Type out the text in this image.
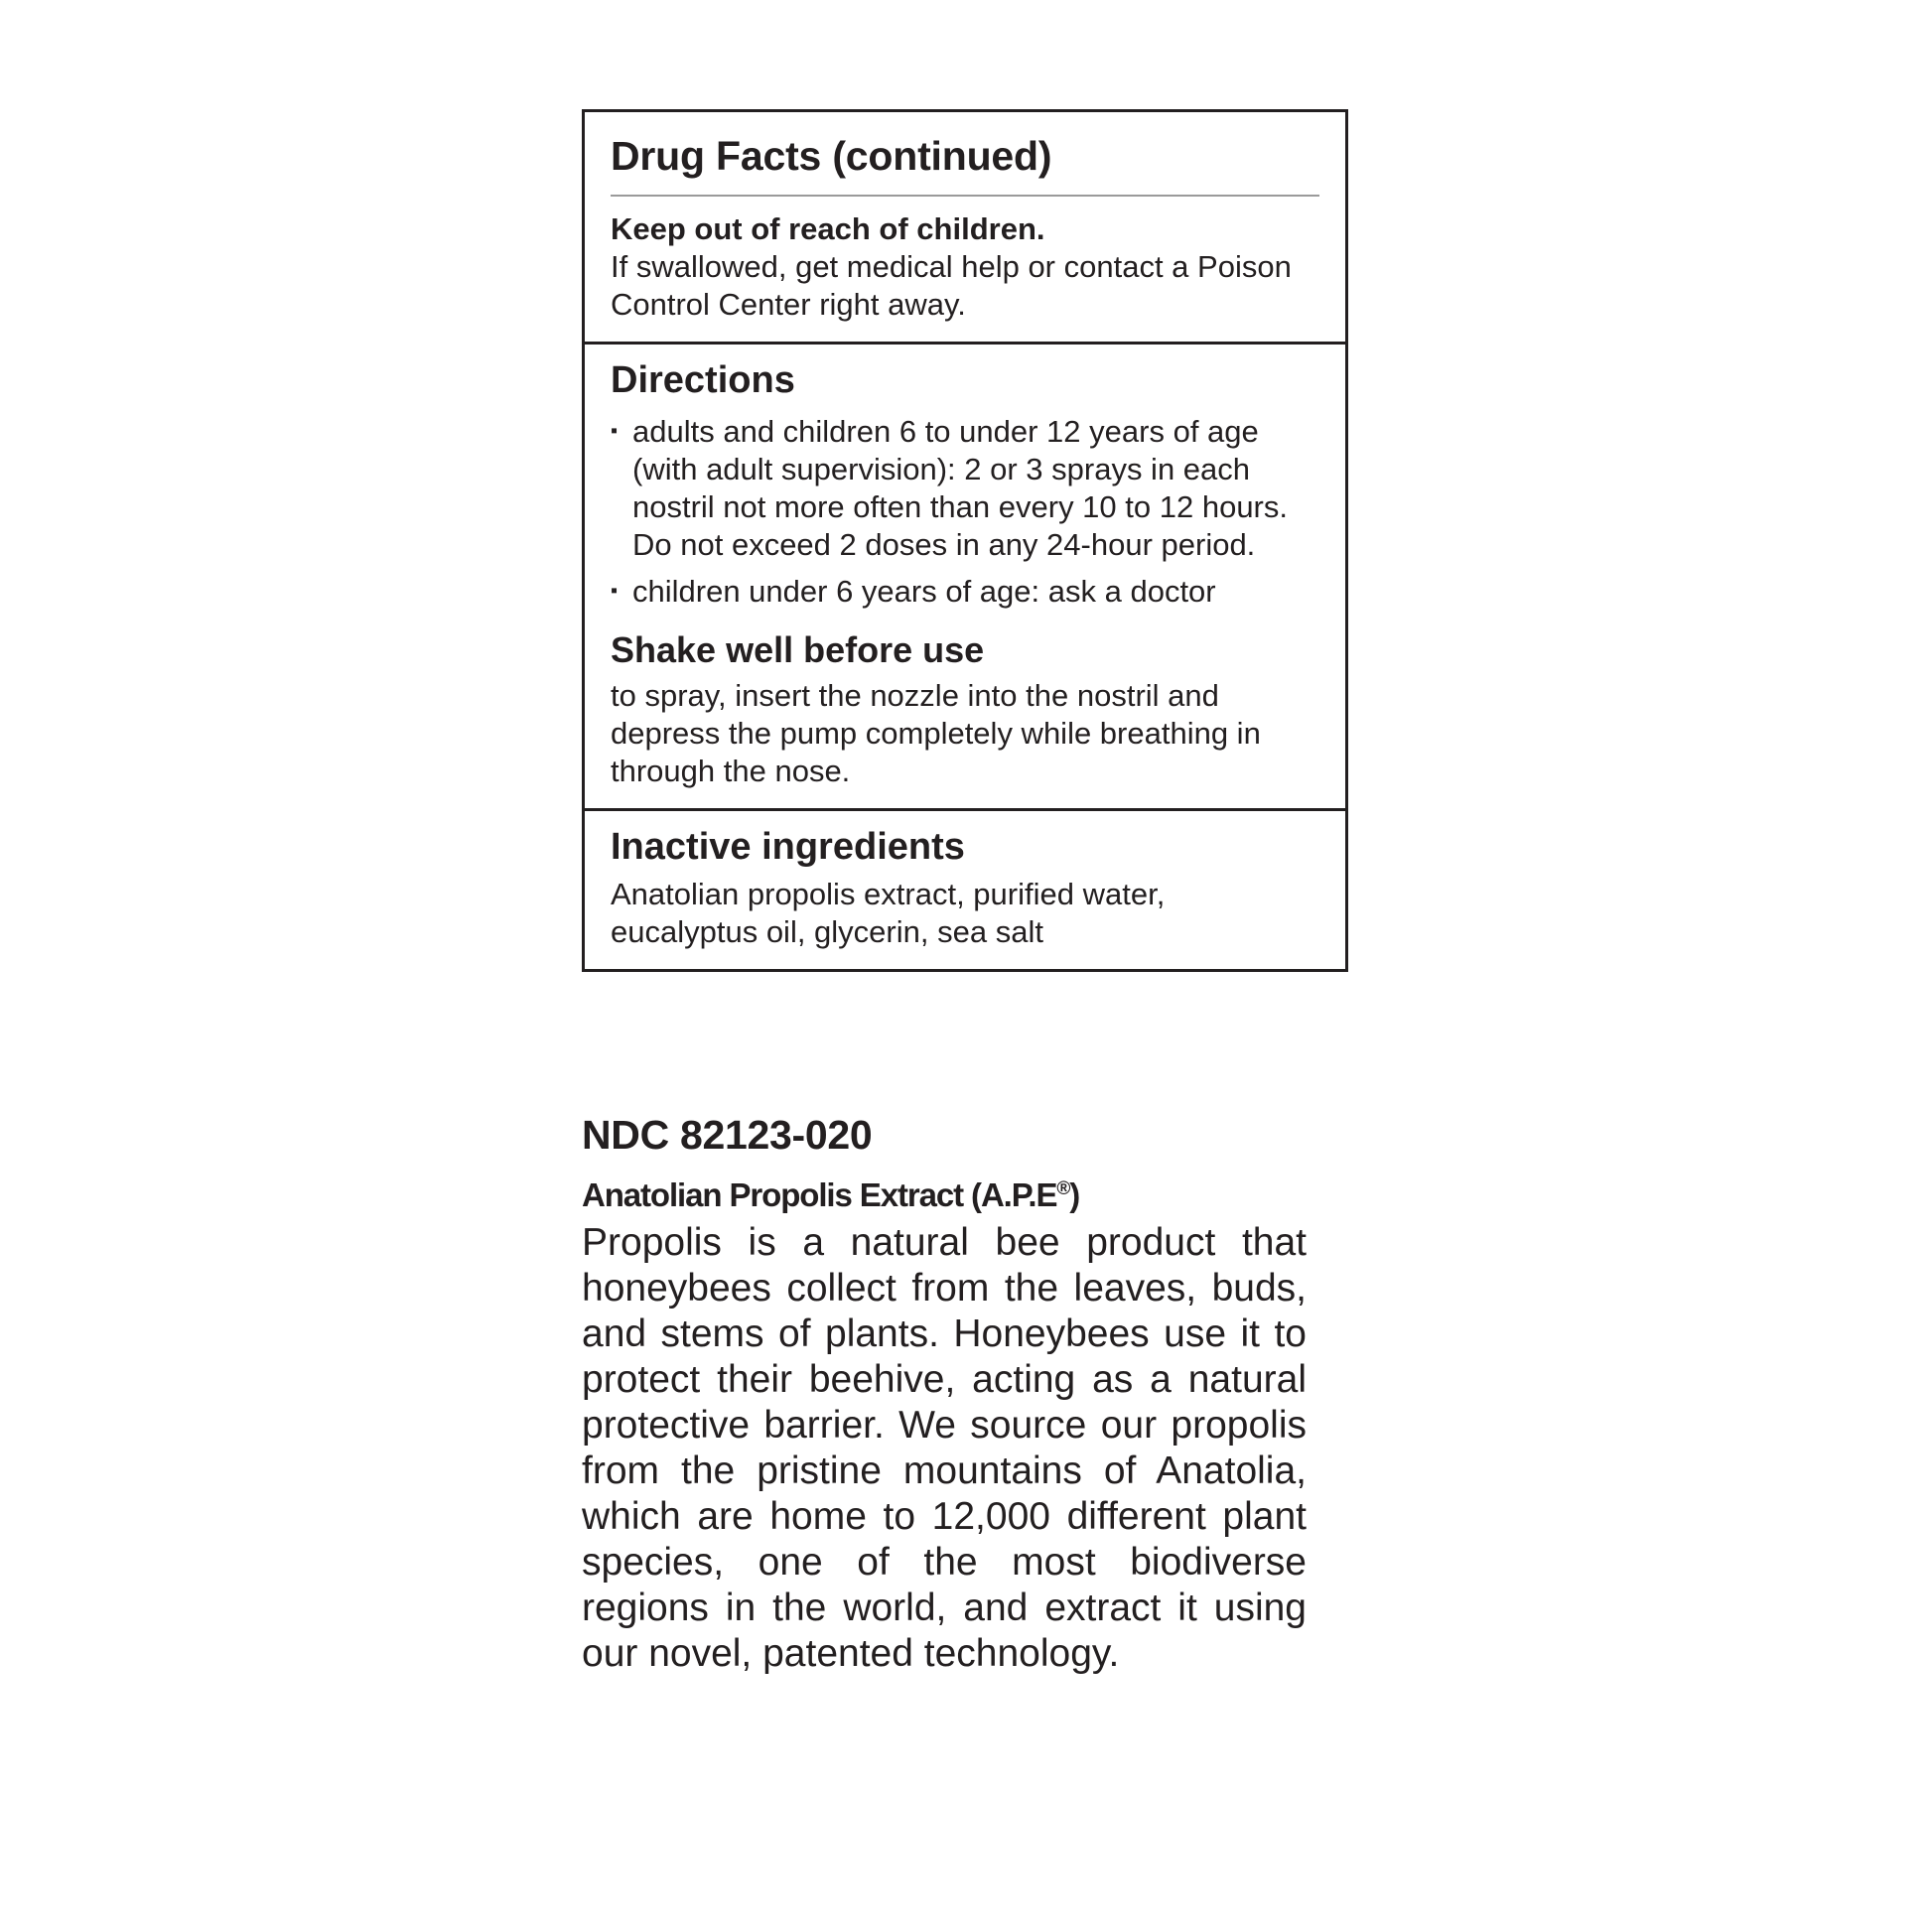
Drug Facts (continued)
Keep out of reach of children.
If swallowed, get medical help or contact a Poison Control Center right away.
Directions
▪ adults and children 6 to under 12 years of age (with adult supervision): 2 or 3 sprays in each nostril not more often than every 10 to 12 hours. Do not exceed 2 doses in any 24-hour period.
▪ children under 6 years of age: ask a doctor
Shake well before use
to spray, insert the nozzle into the nostril and depress the pump completely while breathing in through the nose.
Inactive ingredients
Anatolian propolis extract, purified water, eucalyptus oil, glycerin, sea salt
NDC 82123-020
Anatolian Propolis Extract (A.P.E®)
Propolis is a natural bee product that honeybees collect from the leaves, buds, and stems of plants. Honeybees use it to protect their beehive, acting as a natural protective barrier. We source our propolis from the pristine mountains of Anatolia, which are home to 12,000 different plant species, one of the most biodiverse regions in the world, and extract it using our novel, patented technology.
